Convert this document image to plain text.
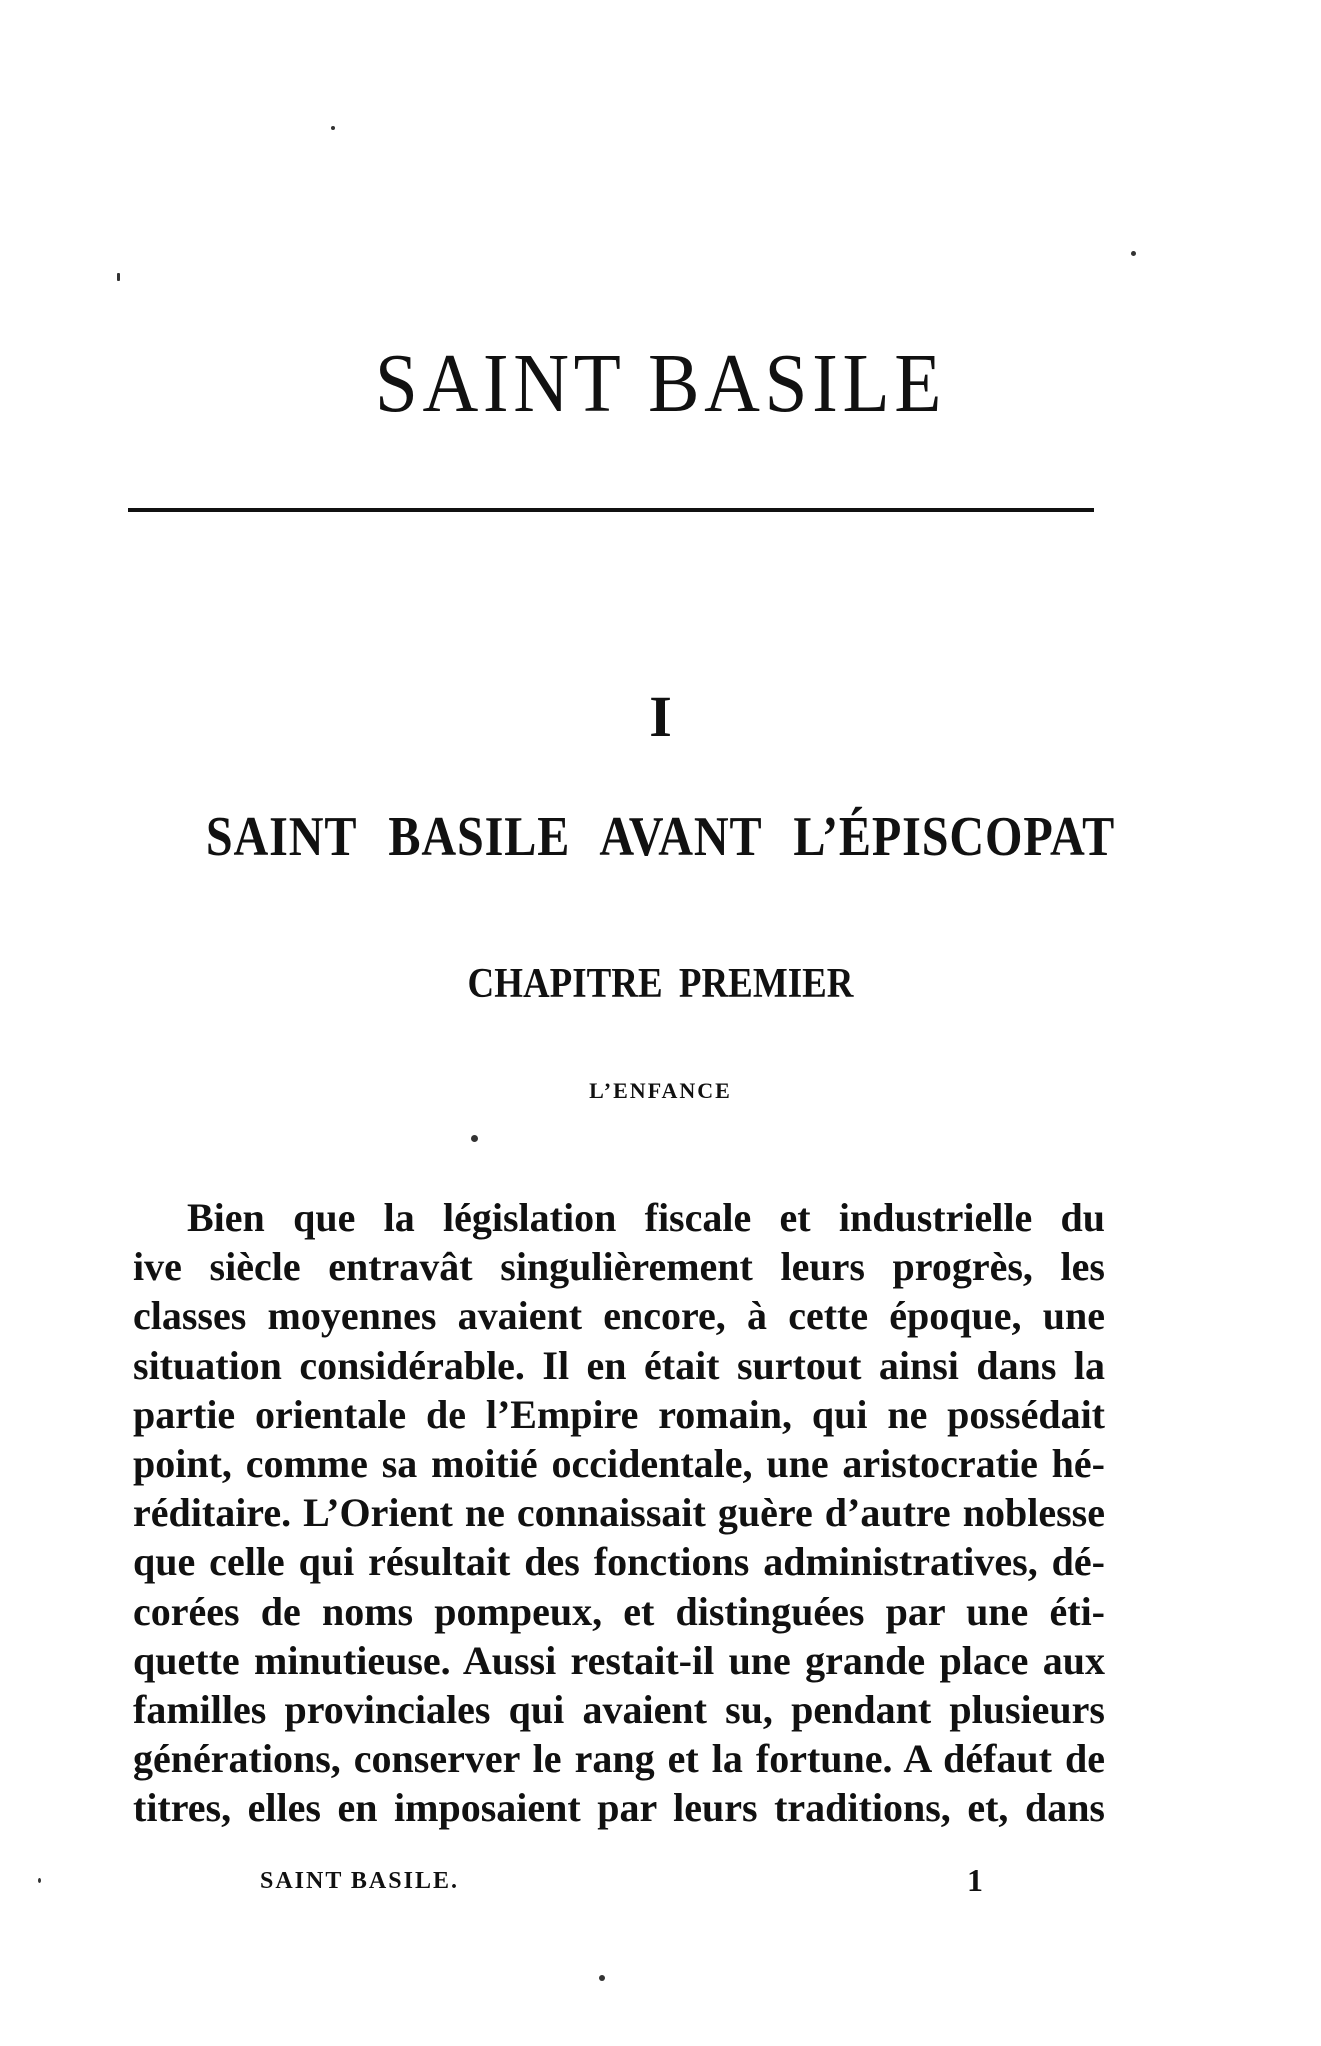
SAINT BASILE
I
SAINT BASILE AVANT L’ÉPISCOPAT
CHAPITRE PREMIER
L’ENFANCE
Bien que la législation fiscale et industrielle du
ive siècle entravât singulièrement leurs progrès, les
classes moyennes avaient encore, à cette époque, une
situation considérable. Il en était surtout ainsi dans la
partie orientale de l’Empire romain, qui ne possédait
point, comme sa moitié occidentale, une aristocratie hé-
réditaire. L’Orient ne connaissait guère d’autre noblesse
que celle qui résultait des fonctions administratives, dé-
corées de noms pompeux, et distinguées par une éti-
quette minutieuse. Aussi restait-il une grande place aux
familles provinciales qui avaient su, pendant plusieurs
générations, conserver le rang et la fortune. A défaut de
titres, elles en imposaient par leurs traditions, et, dans
SAINT BASILE.	1
